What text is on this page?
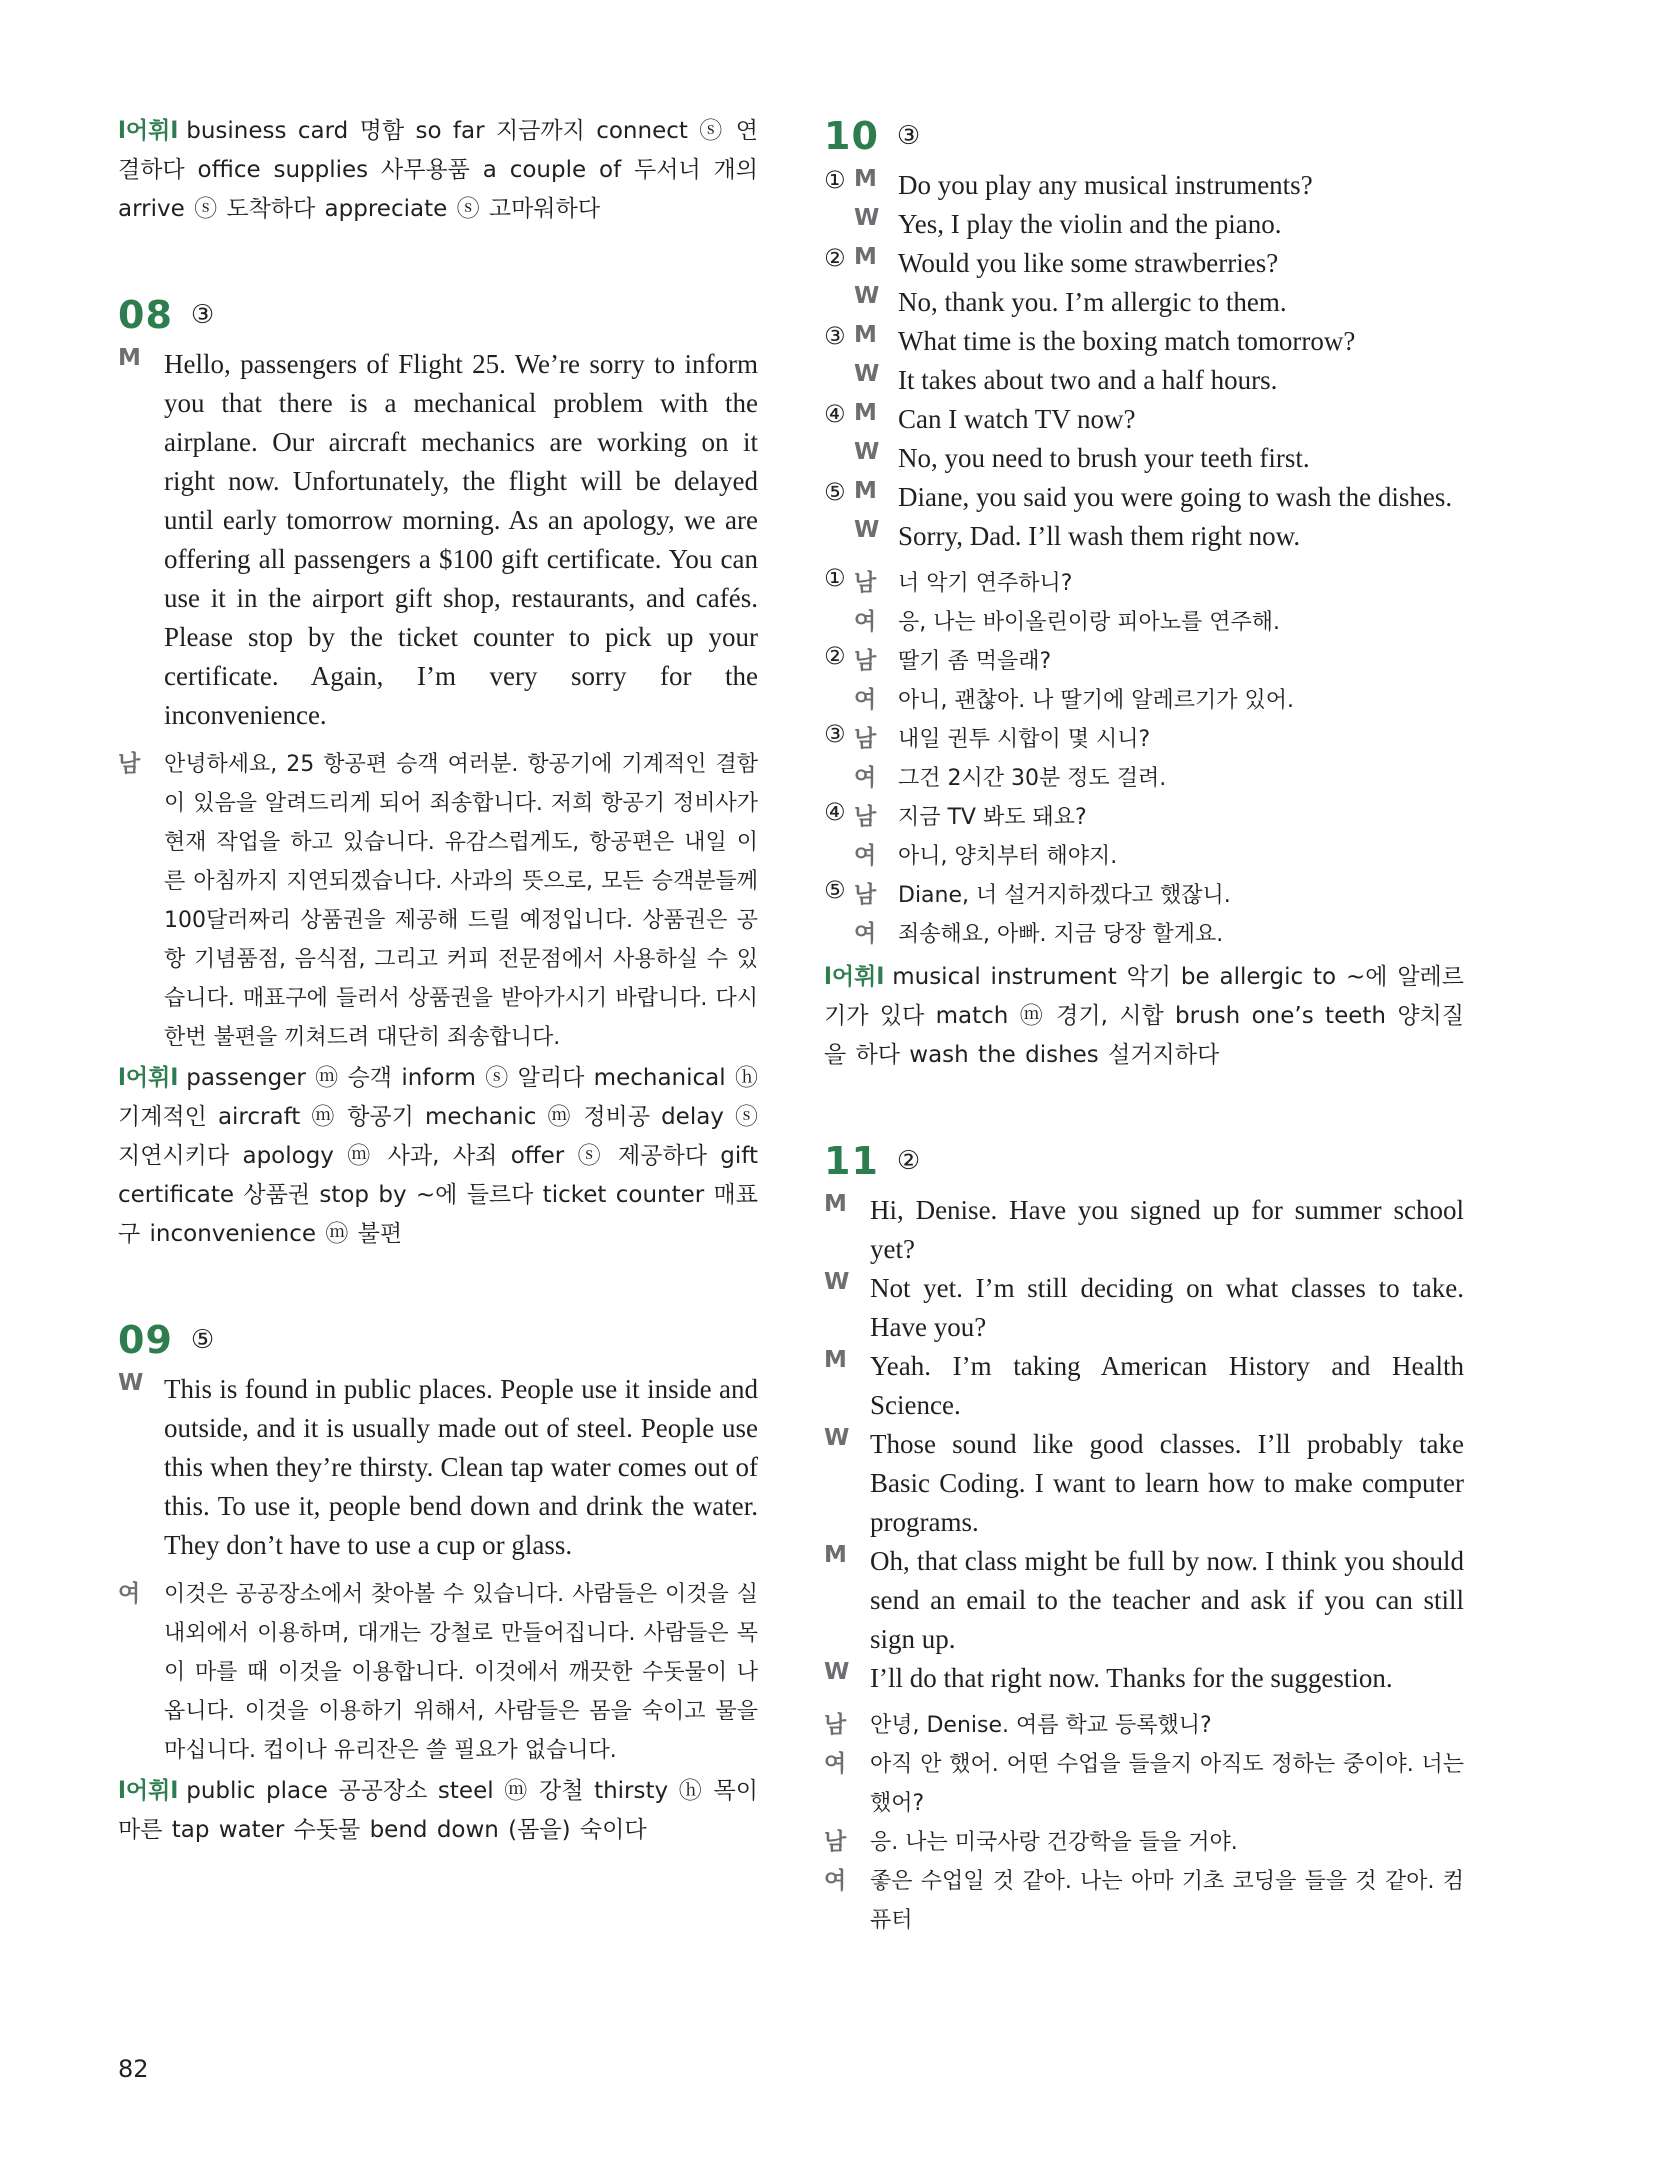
l어휘l business card 명함 so far 지금까지 connect ⓢ 연결하다 office supplies 사무용품 a couple of 두서너 개의 arrive ⓢ 도착하다 appreciate ⓢ 고마워하다
08 ③
M Hello, passengers of Flight 25. We’re sorry to inform you that there is a mechanical problem with the airplane. Our aircraft mechanics are working on it right now. Unfortunately, the flight will be delayed until early tomorrow morning. As an apology, we are offering all passengers a $100 gift certificate. You can use it in the airport gift shop, restaurants, and cafés. Please stop by the ticket counter to pick up your certificate. Again, I’m very sorry for the inconvenience.
남	안녕하세요, 25 항공편 승객 여러분. 항공기에 기계적인 결함이 있음을 알려드리게 되어 죄송합니다. 저희 항공기 정비사가 현재 작업을 하고 있습니다. 유감스럽게도, 항공편은 내일 이른 아침까지 지연되겠습니다. 사과의 뜻으로, 모든 승객분들께 100달러짜리 상품권을 제공해 드릴 예정입니다. 상품권은 공항 기념품점, 음식점, 그리고 커피 전문점에서 사용하실 수 있습니다. 매표구에 들러서 상품권을 받아가시기 바랍니다. 다시 한번 불편을 끼쳐드려 대단히 죄송합니다.
l어휘l passenger ⓜ 승객 inform ⓢ 알리다 mechanical ⓗ 기계적인 aircraft ⓜ 항공기 mechanic ⓜ 정비공 delay ⓢ 지연시키다 apology ⓜ 사과, 사죄 offer ⓢ 제공하다 gift certificate 상품권 stop by ~에 들르다 ticket counter 매표구 inconvenience ⓜ 불편
09 ⑤
W This is found in public places. People use it inside and outside, and it is usually made out of steel. People use this when they’re thirsty. Clean tap water comes out of this. To use it, people bend down and drink the water. They don’t have to use a cup or glass.
여	이것은 공공장소에서 찾아볼 수 있습니다. 사람들은 이것을 실내외에서 이용하며, 대개는 강철로 만들어집니다. 사람들은 목이 마를 때 이것을 이용합니다. 이것에서 깨끗한 수돗물이 나옵니다. 이것을 이용하기 위해서, 사람들은 몸을 숙이고 물을 마십니다. 컵이나 유리잔은 쓸 필요가 없습니다.
l어휘l public place 공공장소 steel ⓜ 강철 thirsty ⓗ 목이 마른 tap water 수돗물 bend down (몸을) 숙이다
10 ③
① M Do you play any musical instruments?
W Yes, I play the violin and the piano.
② M Would you like some strawberries?
W No, thank you. I’m allergic to them.
③ M What time is the boxing match tomorrow?
W It takes about two and a half hours.
④ M Can I watch TV now?
W No, you need to brush your teeth first.
⑤ M Diane, you said you were going to wash the dishes.
W Sorry, Dad. I’ll wash them right now.
① 남 너 악기 연주하니?
여 응, 나는 바이올린이랑 피아노를 연주해.
② 남 딸기 좀 먹을래?
여 아니, 괜찮아. 나 딸기에 알레르기가 있어.
③ 남 내일 권투 시합이 몇 시니?
여 그건 2시간 30분 정도 걸려.
④ 남 지금 TV 봐도 돼요?
여 아니, 양치부터 해야지.
⑤ 남 Diane, 너 설거지하겠다고 했잖니.
여 죄송해요, 아빠. 지금 당장 할게요.
l어휘l musical instrument 악기 be allergic to ~에 알레르기가 있다 match ⓜ 경기, 시합 brush one’s teeth 양치질을 하다 wash the dishes 설거지하다
11 ②
M Hi, Denise. Have you signed up for summer school yet?
W Not yet. I’m still deciding on what classes to take. Have you?
M Yeah. I’m taking American History and Health Science.
W Those sound like good classes. I’ll probably take Basic Coding. I want to learn how to make computer programs.
M Oh, that class might be full by now. I think you should send an email to the teacher and ask if you can still sign up.
W I’ll do that right now. Thanks for the suggestion.
남	안녕, Denise. 여름 학교 등록했니?
여	아직 안 했어. 어떤 수업을 들을지 아직도 정하는 중이야. 너는 했어?
남	응. 나는 미국사랑 건강학을 들을 거야.
여	좋은 수업일 것 같아. 나는 아마 기초 코딩을 들을 것 같아. 컴퓨터
82
